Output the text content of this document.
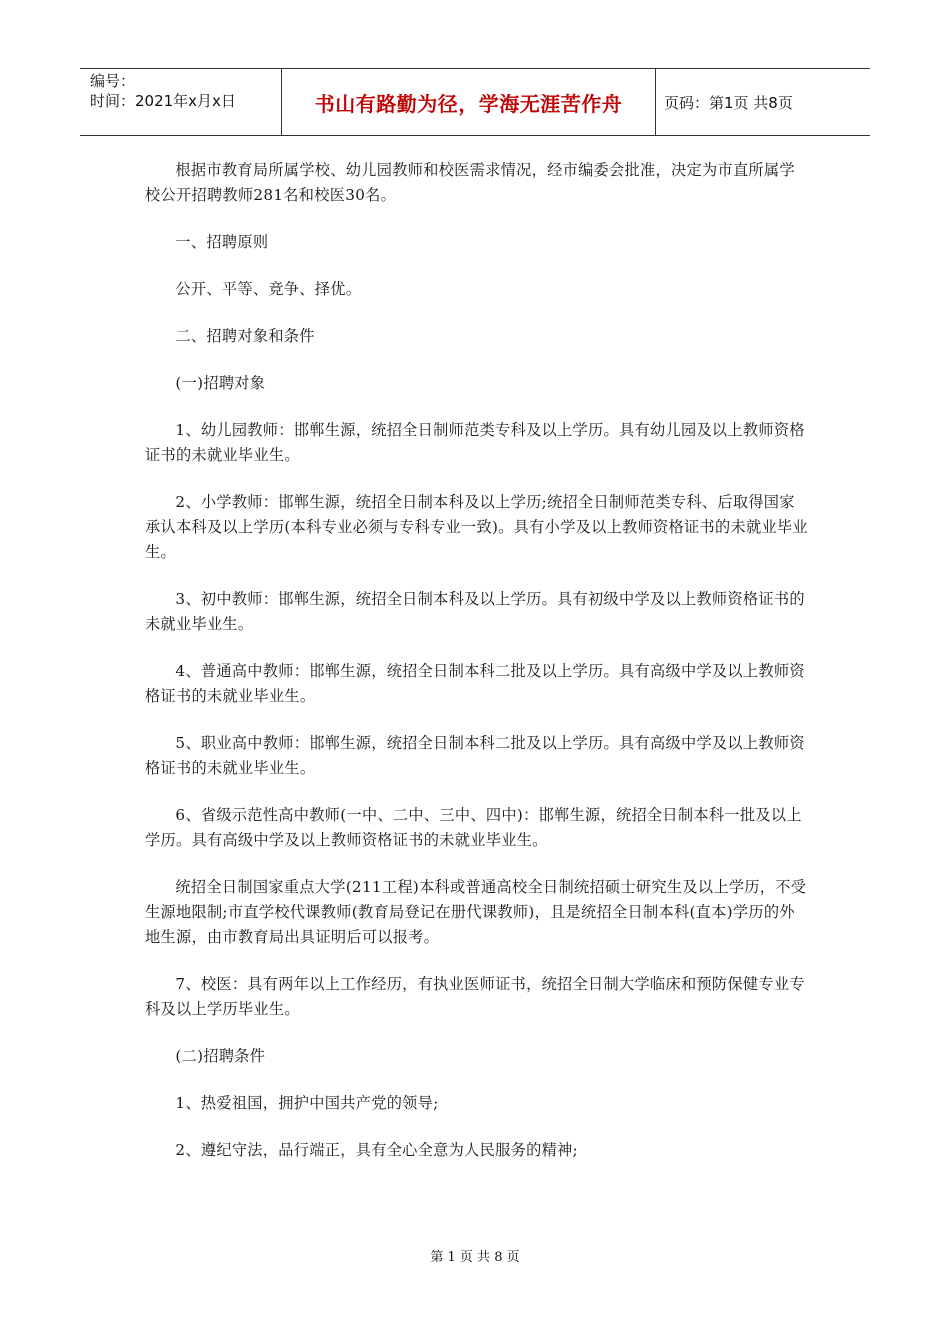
编号：
时间：2021年x月x日	书山有路勤为径，学海无涯苦作舟	页码：第1页 共8页

根据市教育局所属学校、幼儿园教师和校医需求情况，经市编委会批准，决定为市直所属学校公开招聘教师281名和校医30名。

一、招聘原则

公开、平等、竞争、择优。

二、招聘对象和条件

(一)招聘对象

1、幼儿园教师：邯郸生源，统招全日制师范类专科及以上学历。具有幼儿园及以上教师资格证书的未就业毕业生。

2、小学教师：邯郸生源，统招全日制本科及以上学历;统招全日制师范类专科、后取得国家承认本科及以上学历(本科专业必须与专科专业一致)。具有小学及以上教师资格证书的未就业毕业生。

3、初中教师：邯郸生源，统招全日制本科及以上学历。具有初级中学及以上教师资格证书的未就业毕业生。

4、普通高中教师：邯郸生源，统招全日制本科二批及以上学历。具有高级中学及以上教师资格证书的未就业毕业生。

5、职业高中教师：邯郸生源，统招全日制本科二批及以上学历。具有高级中学及以上教师资格证书的未就业毕业生。

6、省级示范性高中教师(一中、二中、三中、四中)：邯郸生源，统招全日制本科一批及以上学历。具有高级中学及以上教师资格证书的未就业毕业生。

统招全日制国家重点大学(211工程)本科或普通高校全日制统招硕士研究生及以上学历，不受生源地限制;市直学校代课教师(教育局登记在册代课教师)，且是统招全日制本科(直本)学历的外地生源，由市教育局出具证明后可以报考。

7、校医：具有两年以上工作经历，有执业医师证书，统招全日制大学临床和预防保健专业专科及以上学历毕业生。

(二)招聘条件

1、热爱祖国，拥护中国共产党的领导;

2、遵纪守法，品行端正，具有全心全意为人民服务的精神;

第 1 页 共 8 页
